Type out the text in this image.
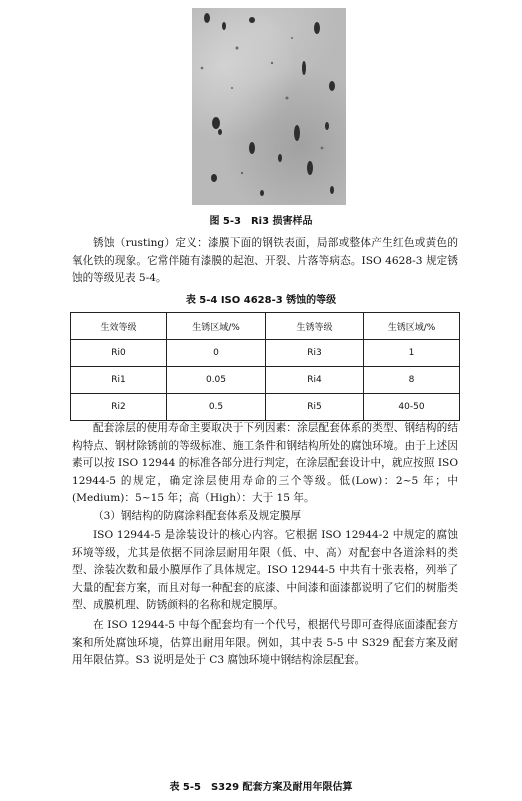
图 5-3　Ri3 损害样品

锈蚀（rusting）定义：漆膜下面的钢铁表面，局部或整体产生红色或黄色的氧化铁的现象。它常伴随有漆膜的起泡、开裂、片落等病态。ISO 4628-3 规定锈蚀的等级见表 5-4。

表 5-4 ISO 4628-3 锈蚀的等级
生效等级	生锈区域/%	生锈等级	生锈区域/%
Ri0	0	Ri3	1
Ri1	0.05	Ri4	8
Ri2	0.5	Ri5	40-50

配套涂层的使用寿命主要取决于下列因素：涂层配套体系的类型、钢结构的结构特点、钢材除锈前的等级标准、施工条件和钢结构所处的腐蚀环境。由于上述因素可以按 ISO 12944 的标准各部分进行判定，在涂层配套设计中，就应按照 ISO 12944-5 的规定，确定涂层使用寿命的三个等级。低(Low)：2~5 年；中(Medium)：5~15 年；高（High）：大于 15 年。

（3）钢结构的防腐涂料配套体系及规定膜厚

ISO 12944-5 是涂装设计的核心内容。它根据 ISO 12944-2 中规定的腐蚀环境等级，尤其是依据不同涂层耐用年限（低、中、高）对配套中各道涂料的类型、涂装次数和最小膜厚作了具体规定。ISO 12944-5 中共有十张表格，列举了大量的配套方案，而且对每一种配套的底漆、中间漆和面漆都说明了它们的树脂类型、成膜机理、防锈颜料的名称和规定膜厚。

在 ISO 12944-5 中每个配套均有一个代号，根据代号即可查得底面漆配套方案和所处腐蚀环境，估算出耐用年限。例如，其中表 5-5 中 S329 配套方案及耐用年限估算。S3 说明是处于 C3 腐蚀环境中钢结构涂层配套。

表 5-5　S329 配套方案及耐用年限估算
